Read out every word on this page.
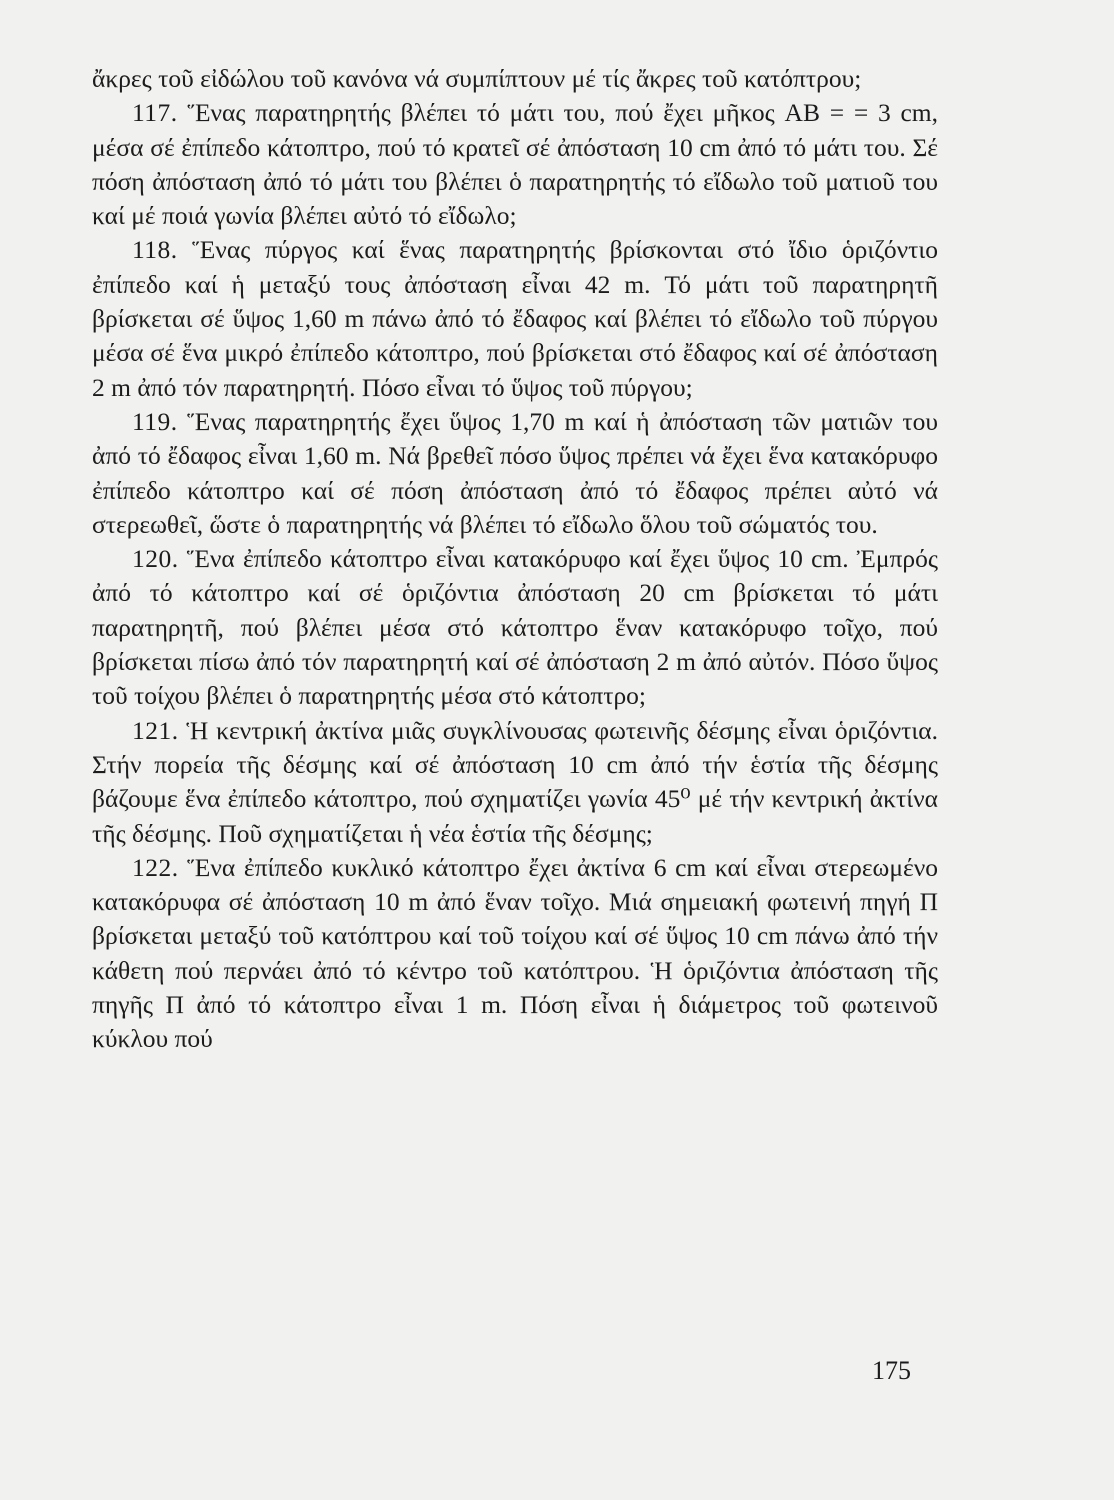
ἄκρες τοῦ εἰδώλου τοῦ κανόνα νά συμπίπτουν μέ τίς ἄκρες τοῦ κατόπτρου;

117. Ἕνας παρατηρητής βλέπει τό μάτι του, πού ἔχει μῆκος AB = = 3 cm, μέσα σέ ἐπίπεδο κάτοπτρο, πού τό κρατεῖ σέ ἀπόσταση 10 cm ἀπό τό μάτι του. Σέ πόση ἀπόσταση ἀπό τό μάτι του βλέπει ὁ παρατηρητής τό εἴδωλο τοῦ ματιοῦ του καί μέ ποιά γωνία βλέπει αὐτό τό εἴδωλο;

118. Ἕνας πύργος καί ἕνας παρατηρητής βρίσκονται στό ἴδιο ὁριζόντιο ἐπίπεδο καί ἡ μεταξύ τους ἀπόσταση εἶναι 42 m. Τό μάτι τοῦ παρατηρητῆ βρίσκεται σέ ὕψος 1,60 m πάνω ἀπό τό ἔδαφος καί βλέπει τό εἴδωλο τοῦ πύργου μέσα σέ ἕνα μικρό ἐπίπεδο κάτοπτρο, πού βρίσκεται στό ἔδαφος καί σέ ἀπόσταση 2 m ἀπό τόν παρατηρητή. Πόσο εἶναι τό ὕψος τοῦ πύργου;

119. Ἕνας παρατηρητής ἔχει ὕψος 1,70 m καί ἡ ἀπόσταση τῶν ματιῶν του ἀπό τό ἔδαφος εἶναι 1,60 m. Νά βρεθεῖ πόσο ὕψος πρέπει νά ἔχει ἕνα κατακόρυφο ἐπίπεδο κάτοπτρο καί σέ πόση ἀπόσταση ἀπό τό ἔδαφος πρέπει αὐτό νά στερεωθεῖ, ὥστε ὁ παρατηρητής νά βλέπει τό εἴδωλο ὅλου τοῦ σώματός του.

120. Ἕνα ἐπίπεδο κάτοπτρο εἶναι κατακόρυφο καί ἔχει ὕψος 10 cm. Ἐμπρός ἀπό τό κάτοπτρο καί σέ ὁριζόντια ἀπόσταση 20 cm βρίσκεται τό μάτι παρατηρητῆ, πού βλέπει μέσα στό κάτοπτρο ἕναν κατακόρυφο τοῖχο, πού βρίσκεται πίσω ἀπό τόν παρατηρητή καί σέ ἀπόσταση 2 m ἀπό αὐτόν. Πόσο ὕψος τοῦ τοίχου βλέπει ὁ παρατηρητής μέσα στό κάτοπτρο;

121. Ἡ κεντρική ἀκτίνα μιᾶς συγκλίνουσας φωτεινῆς δέσμης εἶναι ὁριζόντια. Στήν πορεία τῆς δέσμης καί σέ ἀπόσταση 10 cm ἀπό τήν ἑστία τῆς δέσμης βάζουμε ἕνα ἐπίπεδο κάτοπτρο, πού σχηματίζει γωνία 45⁰ μέ τήν κεντρική ἀκτίνα τῆς δέσμης. Ποῦ σχηματίζεται ἡ νέα ἑστία τῆς δέσμης;

122. Ἕνα ἐπίπεδο κυκλικό κάτοπτρο ἔχει ἀκτίνα 6 cm καί εἶναι στερεωμένο κατακόρυφα σέ ἀπόσταση 10 m ἀπό ἕναν τοῖχο. Μιά σημειακή φωτεινή πηγή Π βρίσκεται μεταξύ τοῦ κατόπτρου καί τοῦ τοίχου καί σέ ὕψος 10 cm πάνω ἀπό τήν κάθετη πού περνάει ἀπό τό κέντρο τοῦ κατόπτρου. Ἡ ὁριζόντια ἀπόσταση τῆς πηγῆς Π ἀπό τό κάτοπτρο εἶναι 1 m. Πόση εἶναι ἡ διάμετρος τοῦ φωτεινοῦ κύκλου πού

175
